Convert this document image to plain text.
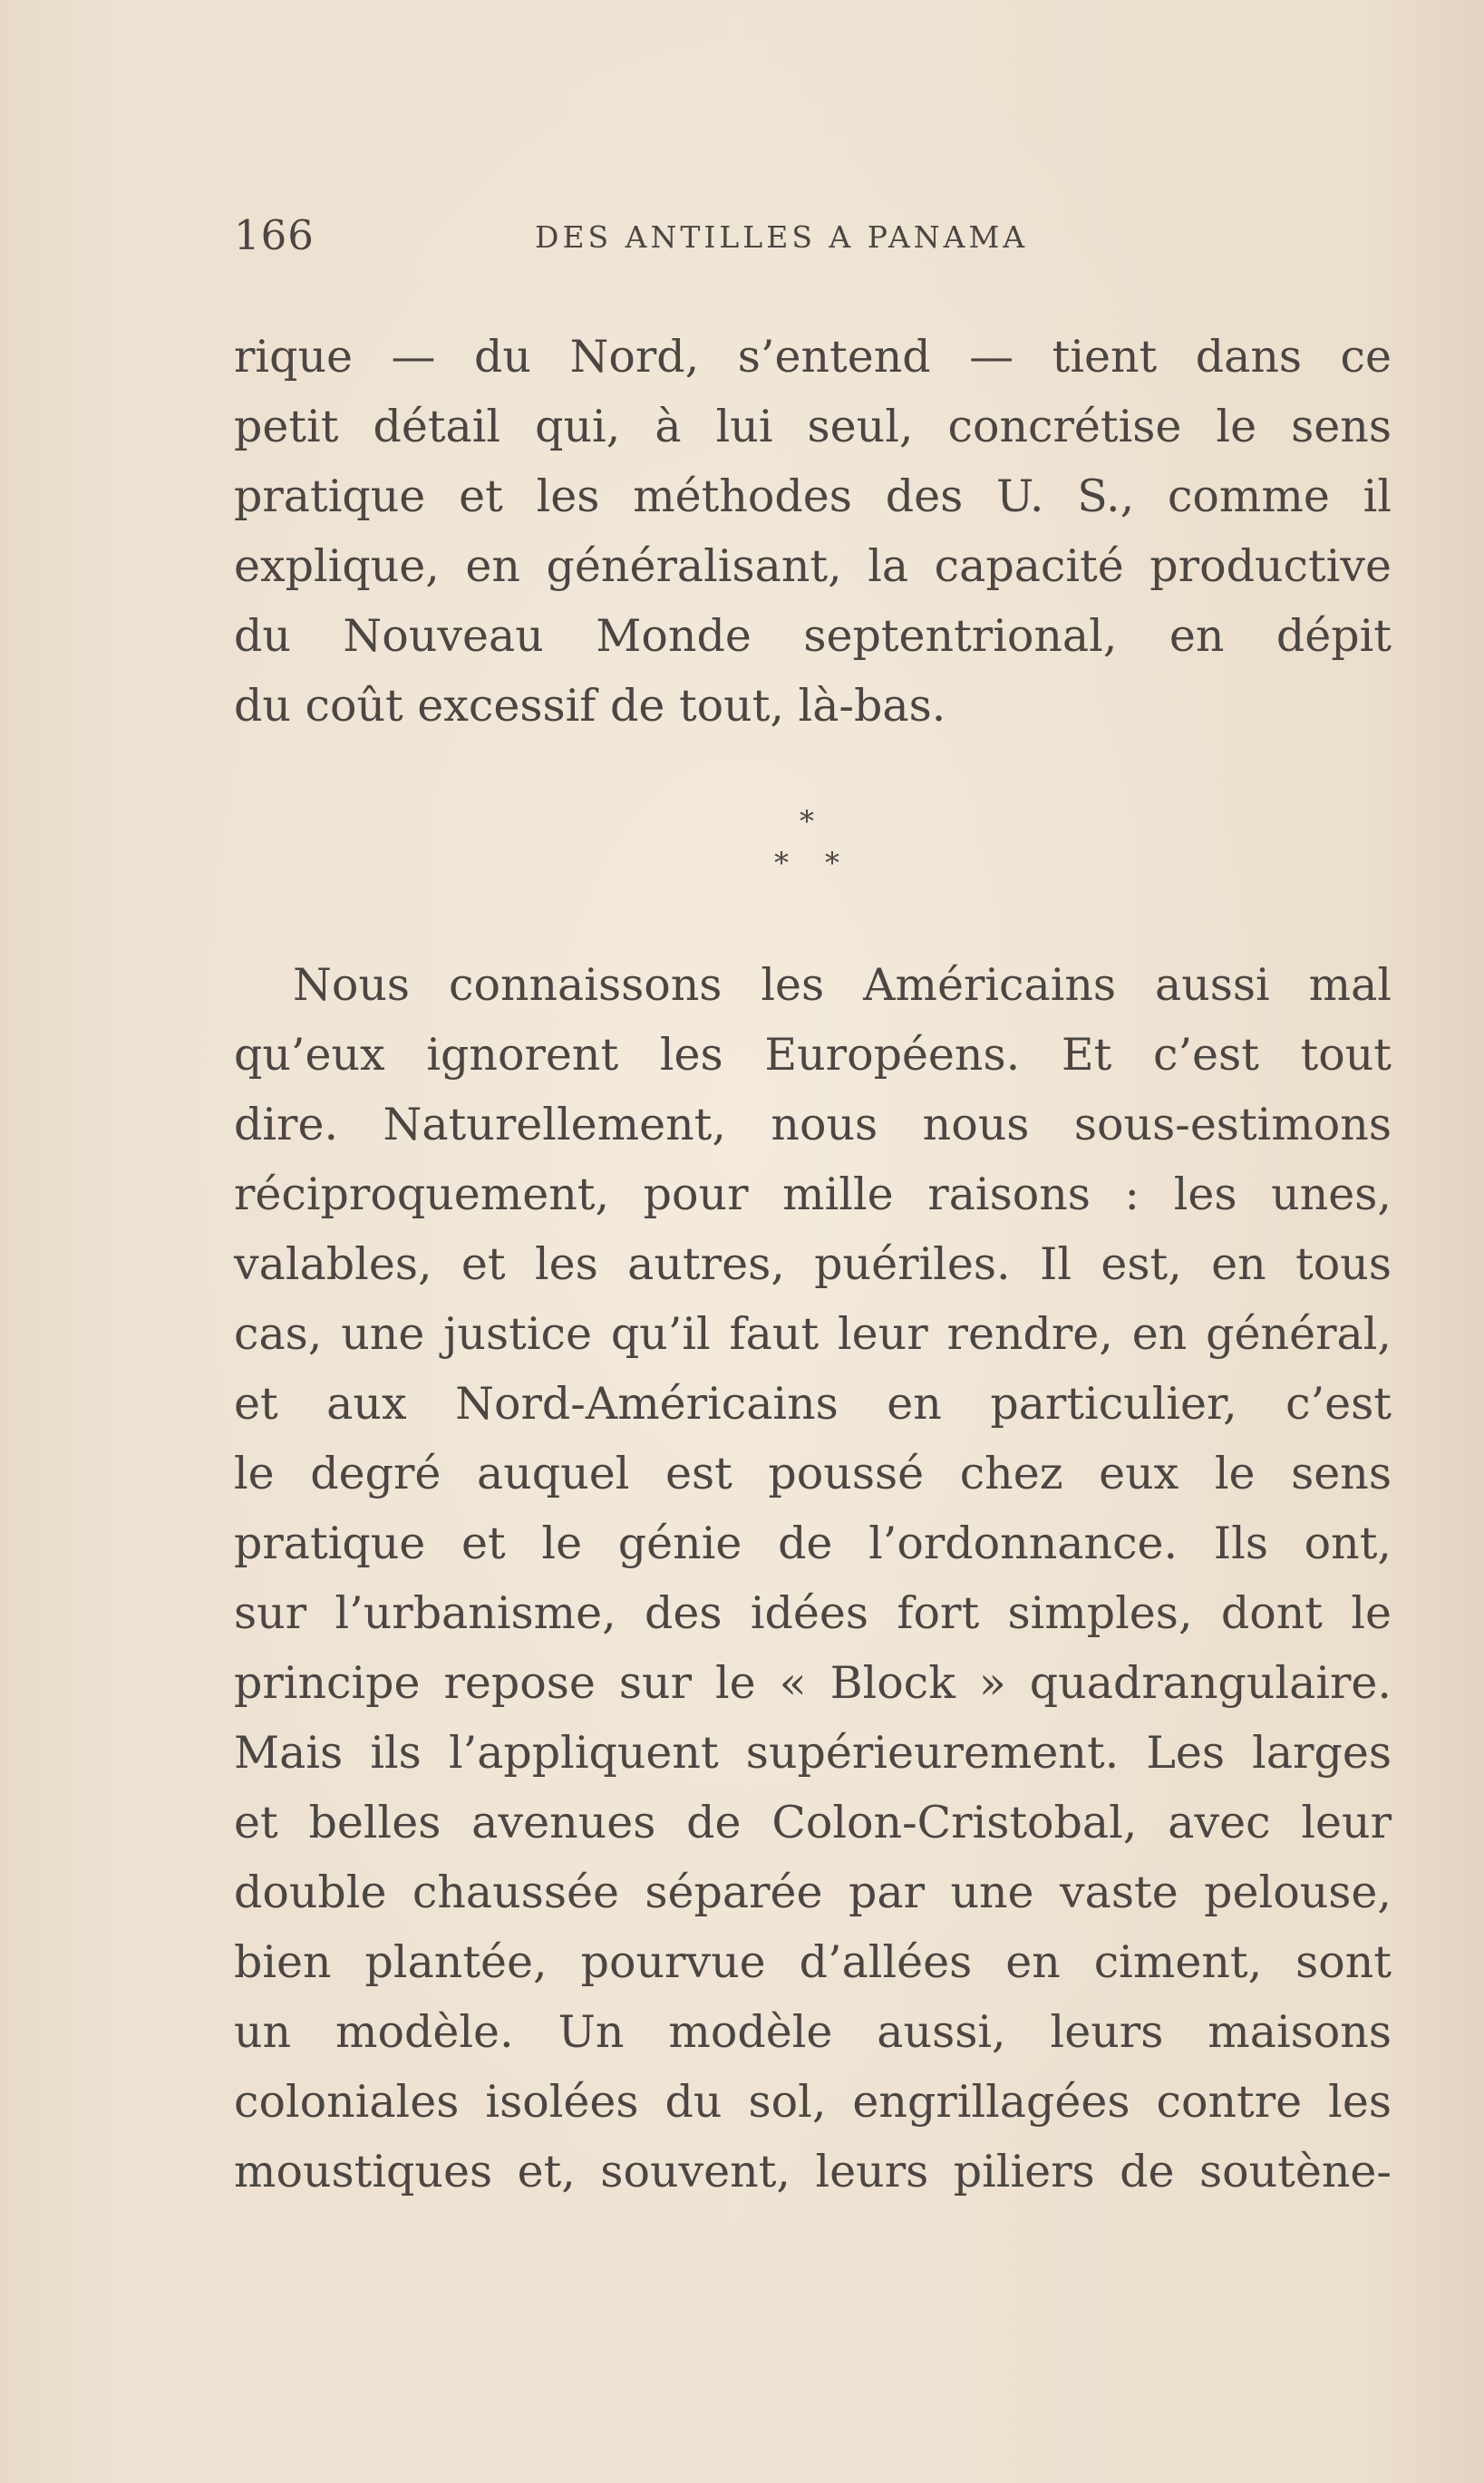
166	DES ANTILLES A PANAMA
rique — du Nord, s’entend — tient dans ce
petit détail qui, à lui seul, concrétise le sens
pratique et les méthodes des U. S., comme il
explique, en généralisant, la capacité productive
du Nouveau Monde septentrional, en dépit
du coût excessif de tout, là-bas.
*
* *
Nous connaissons les Américains aussi mal
qu’eux ignorent les Européens. Et c’est tout
dire. Naturellement, nous nous sous-estimons
réciproquement, pour mille raisons : les unes,
valables, et les autres, puériles. Il est, en tous
cas, une justice qu’il faut leur rendre, en général,
et aux Nord-Américains en particulier, c’est
le degré auquel est poussé chez eux le sens
pratique et le génie de l’ordonnance. Ils ont,
sur l’urbanisme, des idées fort simples, dont le
principe repose sur le « Block » quadrangulaire.
Mais ils l’appliquent supérieurement. Les larges
et belles avenues de Colon-Cristobal, avec leur
double chaussée séparée par une vaste pelouse,
bien plantée, pourvue d’allées en ciment, sont
un modèle. Un modèle aussi, leurs maisons
coloniales isolées du sol, engrillagées contre les
moustiques et, souvent, leurs piliers de soutène-
